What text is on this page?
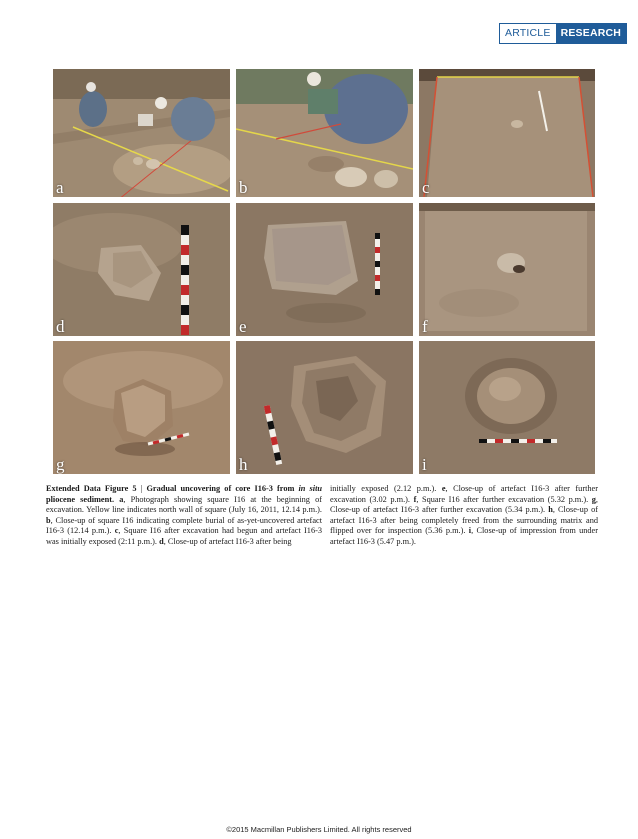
ARTICLE RESEARCH
a	b	c
d	e	f
g	h	i
Extended Data Figure 5 | Gradual uncovering of core I16-3 from in situ pliocene sediment. a, Photograph showing square I16 at the beginning of excavation. Yellow line indicates north wall of square (July 16, 2011, 12.14 p.m.). b, Close-up of square I16 indicating complete burial of as-yet-uncovered artefact I16-3 (12.14 p.m.). c, Square I16 after excavation had begun and artefact I16-3 was initially exposed (2:11 p.m.). d, Close-up of artefact I16-3 after being
initially exposed (2.12 p.m.). e, Close-up of artefact I16-3 after further excavation (3.02 p.m.). f, Square I16 after further excavation (5.32 p.m.). g, Close-up of artefact I16-3 after further excavation (5.34 p.m.). h, Close-up of artefact I16-3 after being completely freed from the surrounding matrix and flipped over for inspection (5.36 p.m.). i, Close-up of impression from under artefact I16-3 (5.47 p.m.).
©2015 Macmillan Publishers Limited. All rights reserved
